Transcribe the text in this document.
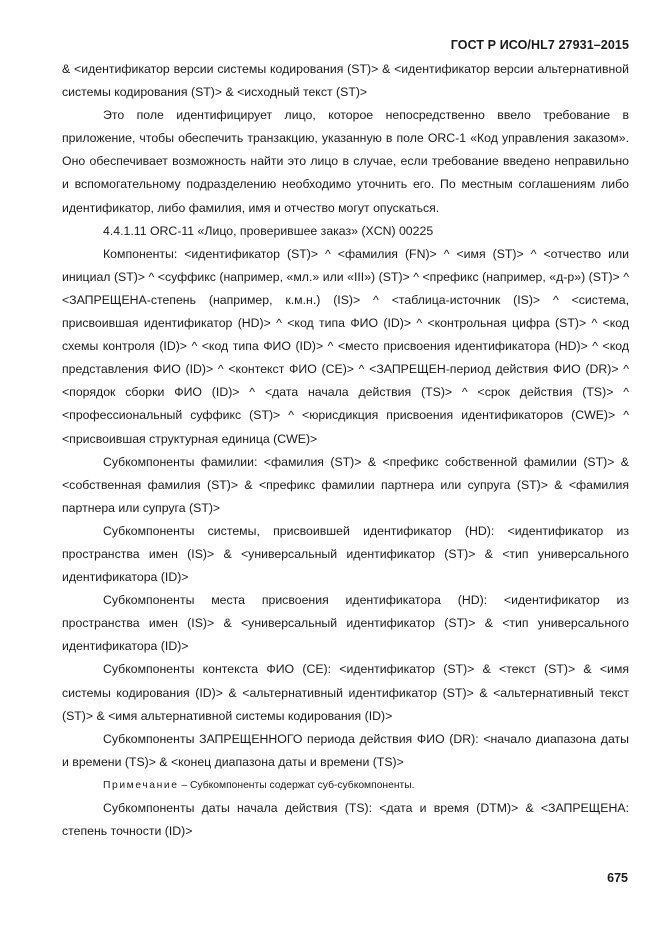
ГОСТ Р ИСО/HL7 27931–2015

& <идентификатор версии системы кодирования (ST)> & <идентификатор версии альтернативной системы кодирования (ST)> & <исходный текст (ST)>

Это поле идентифицирует лицо, которое непосредственно ввело требование в приложение, чтобы обеспечить транзакцию, указанную в поле ORC-1 «Код управления заказом». Оно обеспечивает возможность найти это лицо в случае, если требование введено неправильно и вспомогательному подразделению необходимо уточнить его. По местным соглашениям либо идентификатор, либо фамилия, имя и отчество могут опускаться.

4.4.1.11 ORC-11 «Лицо, проверившее заказ» (XCN) 00225

Компоненты: <идентификатор (ST)> ^ <фамилия (FN)> ^ <имя (ST)> ^ <отчество или инициал (ST)> ^ <суффикс (например, «мл.» или «III») (ST)> ^ <префикс (например, «д-р») (ST)> ^ <ЗАПРЕЩЕНА-степень (например, к.м.н.) (IS)> ^ <таблица-источник (IS)> ^ <система, присвоившая идентификатор (HD)> ^ <код типа ФИО (ID)> ^ <контрольная цифра (ST)> ^ <код схемы контроля (ID)> ^ <код типа ФИО (ID)> ^ <место присвоения идентификатора (HD)> ^ <код представления ФИО (ID)> ^ <контекст ФИО (CE)> ^ <ЗАПРЕЩЕН-период действия ФИО (DR)> ^ <порядок сборки ФИО (ID)> ^ <дата начала действия (TS)> ^ <срок действия (TS)> ^ <профессиональный суффикс (ST)> ^ <юрисдикция присвоения идентификаторов (CWE)> ^ <присвоившая структурная единица (CWE)>

Субкомпоненты фамилии: <фамилия (ST)> & <префикс собственной фамилии (ST)> & <собственная фамилия (ST)> & <префикс фамилии партнера или супруга (ST)> & <фамилия партнера или супруга (ST)>

Субкомпоненты системы, присвоившей идентификатор (HD): <идентификатор из пространства имен (IS)> & <универсальный идентификатор (ST)> & <тип универсального идентификатора (ID)>

Субкомпоненты места присвоения идентификатора (HD): <идентификатор из пространства имен (IS)> & <универсальный идентификатор (ST)> & <тип универсального идентификатора (ID)>

Субкомпоненты контекста ФИО (CE): <идентификатор (ST)> & <текст (ST)> & <имя системы кодирования (ID)> & <альтернативный идентификатор (ST)> & <альтернативный текст (ST)> & <имя альтернативной системы кодирования (ID)>

Субкомпоненты ЗАПРЕЩЕННОГО периода действия ФИО (DR): <начало диапазона даты и времени (TS)> & <конец диапазона даты и времени (TS)>

Примечание – Субкомпоненты содержат суб-субкомпоненты.

Субкомпоненты даты начала действия (TS): <дата и время (DTM)> & <ЗАПРЕЩЕНА: степень точности (ID)>

675
